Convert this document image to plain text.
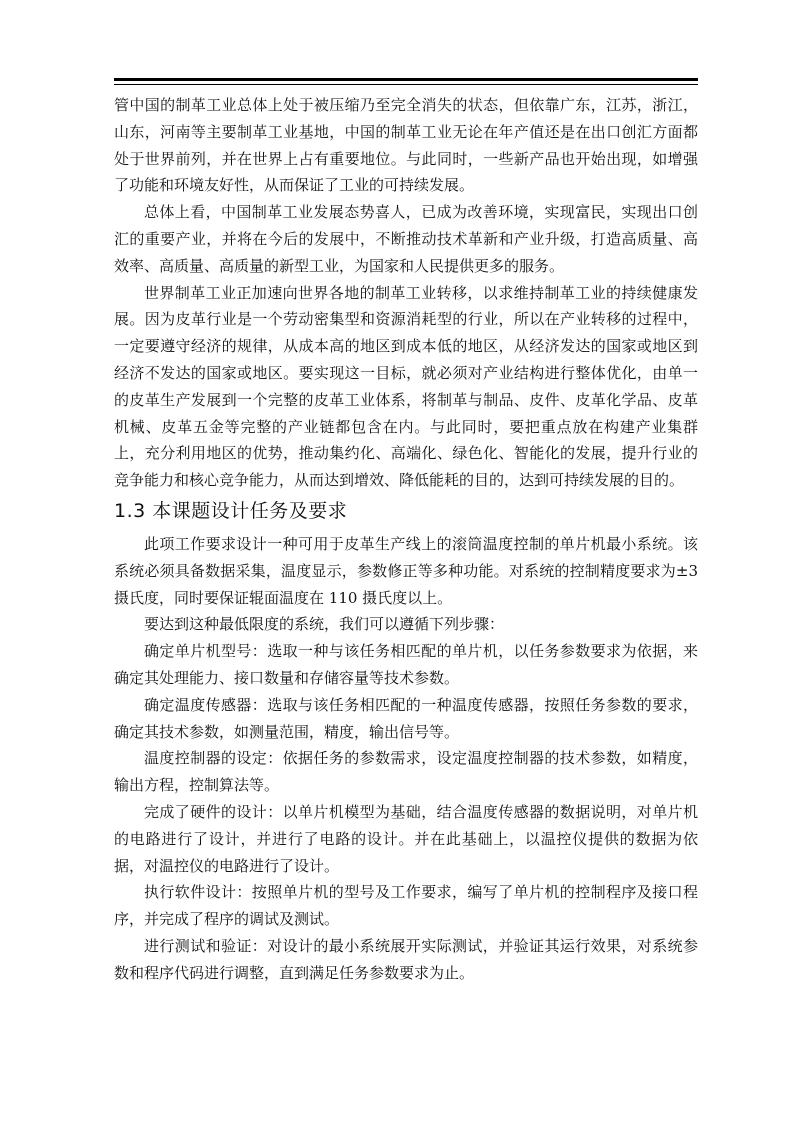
管中国的制革工业总体上处于被压缩乃至完全消失的状态，但依靠广东，江苏，浙江，山东，河南等主要制革工业基地，中国的制革工业无论在年产值还是在出口创汇方面都处于世界前列，并在世界上占有重要地位。与此同时，一些新产品也开始出现，如增强了功能和环境友好性，从而保证了工业的可持续发展。

总体上看，中国制革工业发展态势喜人，已成为改善环境，实现富民，实现出口创汇的重要产业，并将在今后的发展中，不断推动技术革新和产业升级，打造高质量、高效率、高质量、高质量的新型工业，为国家和人民提供更多的服务。

世界制革工业正加速向世界各地的制革工业转移，以求维持制革工业的持续健康发展。因为皮革行业是一个劳动密集型和资源消耗型的行业，所以在产业转移的过程中，一定要遵守经济的规律，从成本高的地区到成本低的地区，从经济发达的国家或地区到经济不发达的国家或地区。要实现这一目标，就必须对产业结构进行整体优化，由单一的皮革生产发展到一个完整的皮革工业体系，将制革与制品、皮件、皮革化学品、皮革机械、皮革五金等完整的产业链都包含在内。与此同时，要把重点放在构建产业集群上，充分利用地区的优势，推动集约化、高端化、绿色化、智能化的发展，提升行业的竞争能力和核心竞争能力，从而达到增效、降低能耗的目的，达到可持续发展的目的。

1.3 本课题设计任务及要求

此项工作要求设计一种可用于皮革生产线上的滚筒温度控制的单片机最小系统。该系统必须具备数据采集，温度显示，参数修正等多种功能。对系统的控制精度要求为±3 摄氏度，同时要保证辊面温度在 110 摄氏度以上。

要达到这种最低限度的系统，我们可以遵循下列步骤：

确定单片机型号：选取一种与该任务相匹配的单片机，以任务参数要求为依据，来确定其处理能力、接口数量和存储容量等技术参数。

确定温度传感器：选取与该任务相匹配的一种温度传感器，按照任务参数的要求，确定其技术参数，如测量范围，精度，输出信号等。

温度控制器的设定：依据任务的参数需求，设定温度控制器的技术参数，如精度，输出方程，控制算法等。

完成了硬件的设计：以单片机模型为基础，结合温度传感器的数据说明，对单片机的电路进行了设计，并进行了电路的设计。并在此基础上，以温控仪提供的数据为依据，对温控仪的电路进行了设计。

执行软件设计：按照单片机的型号及工作要求，编写了单片机的控制程序及接口程序，并完成了程序的调试及测试。

进行测试和验证：对设计的最小系统展开实际测试，并验证其运行效果，对系统参数和程序代码进行调整，直到满足任务参数要求为止。
